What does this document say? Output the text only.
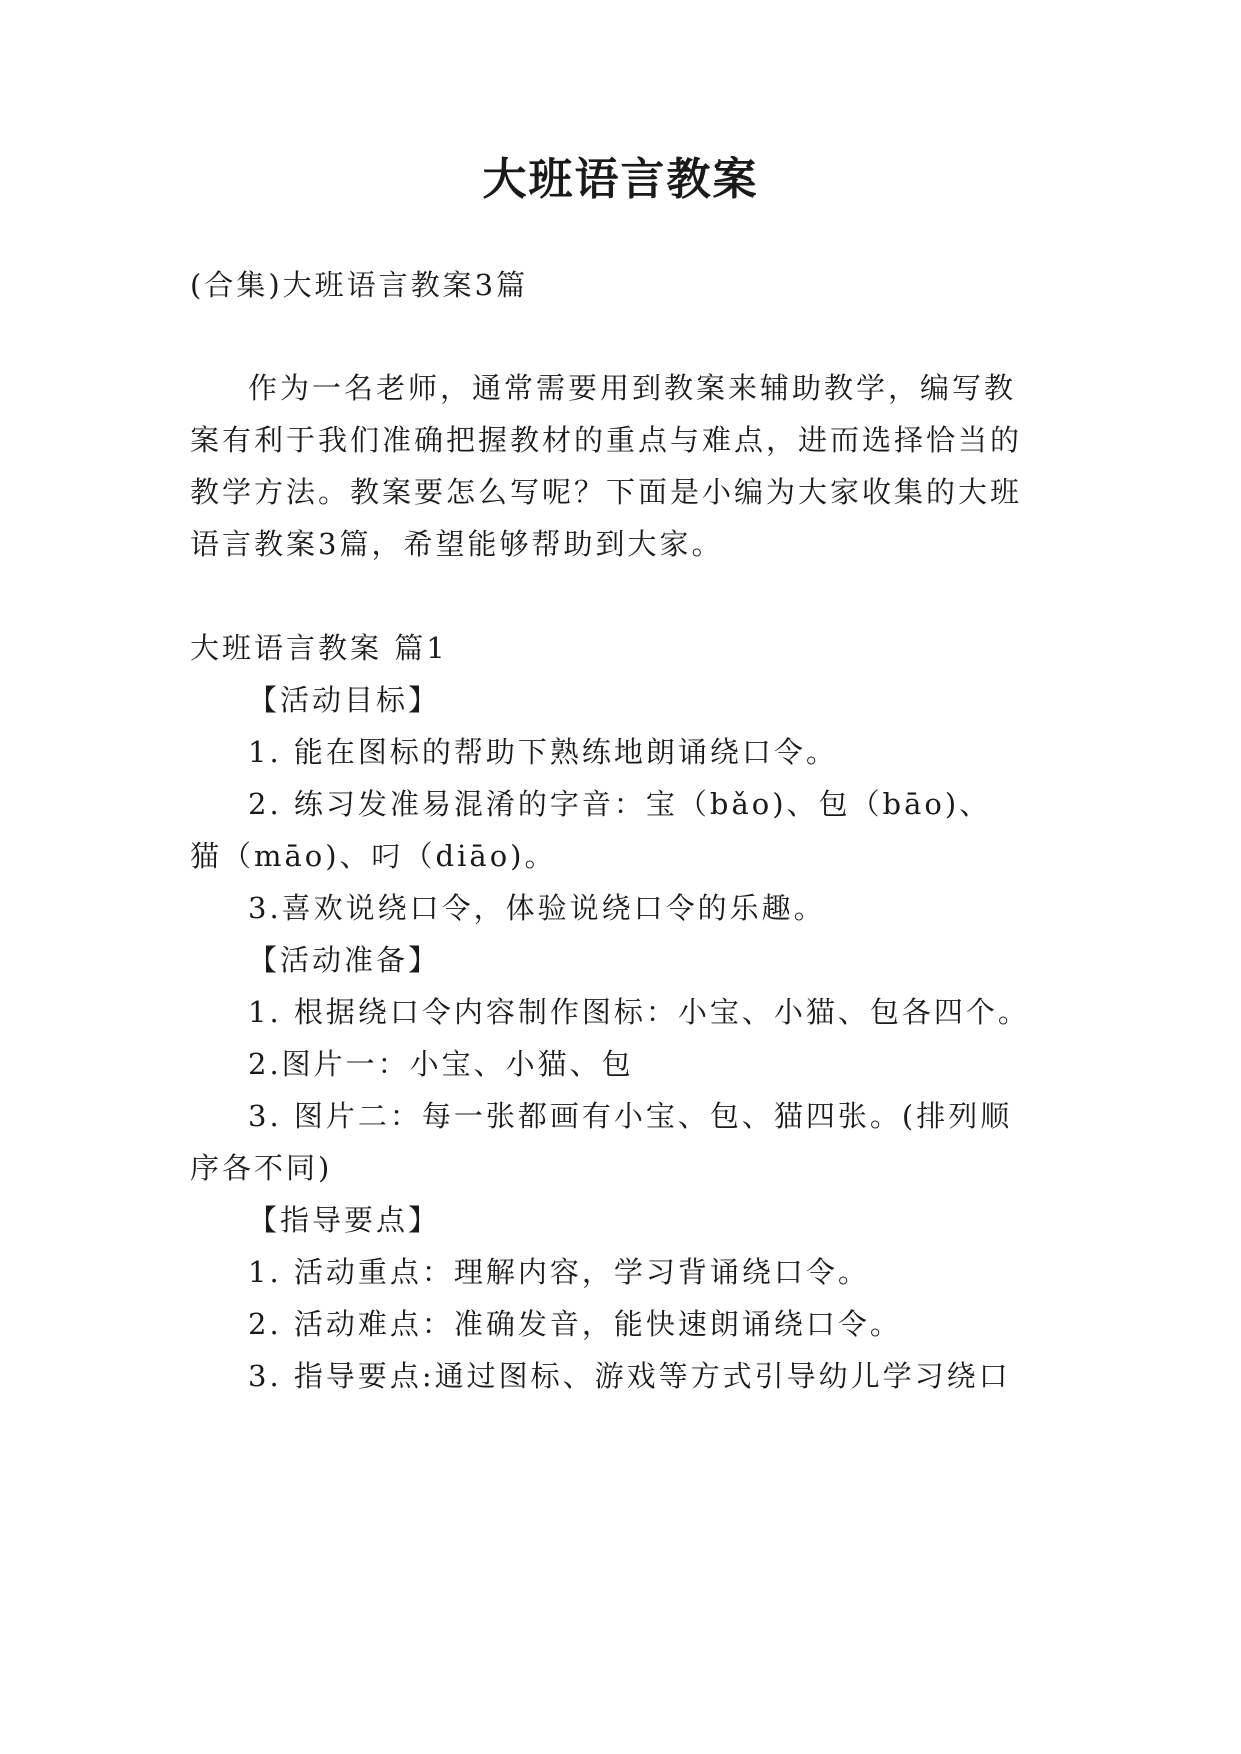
大班语言教案
(合集)大班语言教案3篇
作为一名老师，通常需要用到教案来辅助教学，编写教
案有利于我们准确把握教材的重点与难点，进而选择恰当的
教学方法。教案要怎么写呢？下面是小编为大家收集的大班
语言教案3篇，希望能够帮助到大家。
大班语言教案 篇1
【活动目标】
1. 能在图标的帮助下熟练地朗诵绕口令。
2. 练习发准易混淆的字音：宝（bǎo)、包（bāo)、
猫（māo)、叼（diāo)。
3.喜欢说绕口令，体验说绕口令的乐趣。
【活动准备】
1. 根据绕口令内容制作图标：小宝、小猫、包各四个。
2.图片一：小宝、小猫、包
3. 图片二：每一张都画有小宝、包、猫四张。(排列顺
序各不同)
【指导要点】
1. 活动重点：理解内容，学习背诵绕口令。
2. 活动难点：准确发音，能快速朗诵绕口令。
3. 指导要点:通过图标、游戏等方式引导幼儿学习绕口
